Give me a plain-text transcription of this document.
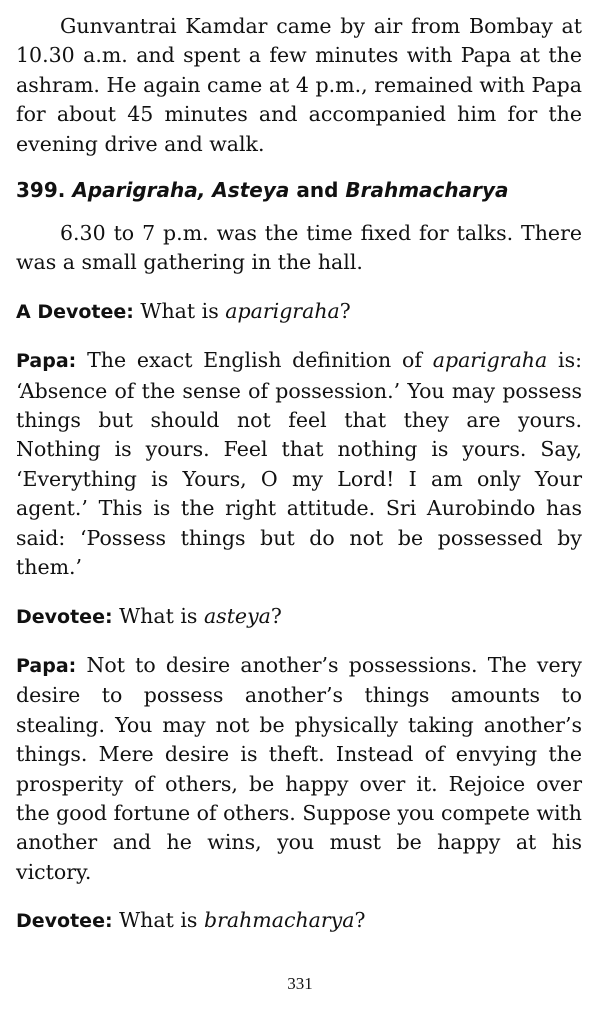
Gunvantrai Kamdar came by air from Bombay at 10.30 a.m. and spent a few minutes with Papa at the ashram. He again came at 4 p.m., remained with Papa for about 45 minutes and accompanied him for the evening drive and walk.

399. Aparigraha, Asteya and Brahmacharya

6.30 to 7 p.m. was the time fixed for talks. There was a small gathering in the hall.

A Devotee: What is aparigraha?

Papa: The exact English definition of aparigraha is: ‘Absence of the sense of possession.’ You may possess things but should not feel that they are yours. Nothing is yours. Feel that nothing is yours. Say, ‘Everything is Yours, O my Lord! I am only Your agent.’ This is the right attitude. Sri Aurobindo has said: ‘Possess things but do not be possessed by them.’

Devotee: What is asteya?

Papa: Not to desire another’s possessions. The very desire to possess another’s things amounts to stealing. You may not be physically taking another’s things. Mere desire is theft. Instead of envying the prosperity of others, be happy over it. Rejoice over the good fortune of others. Suppose you compete with another and he wins, you must be happy at his victory.

Devotee: What is brahmacharya?

331
